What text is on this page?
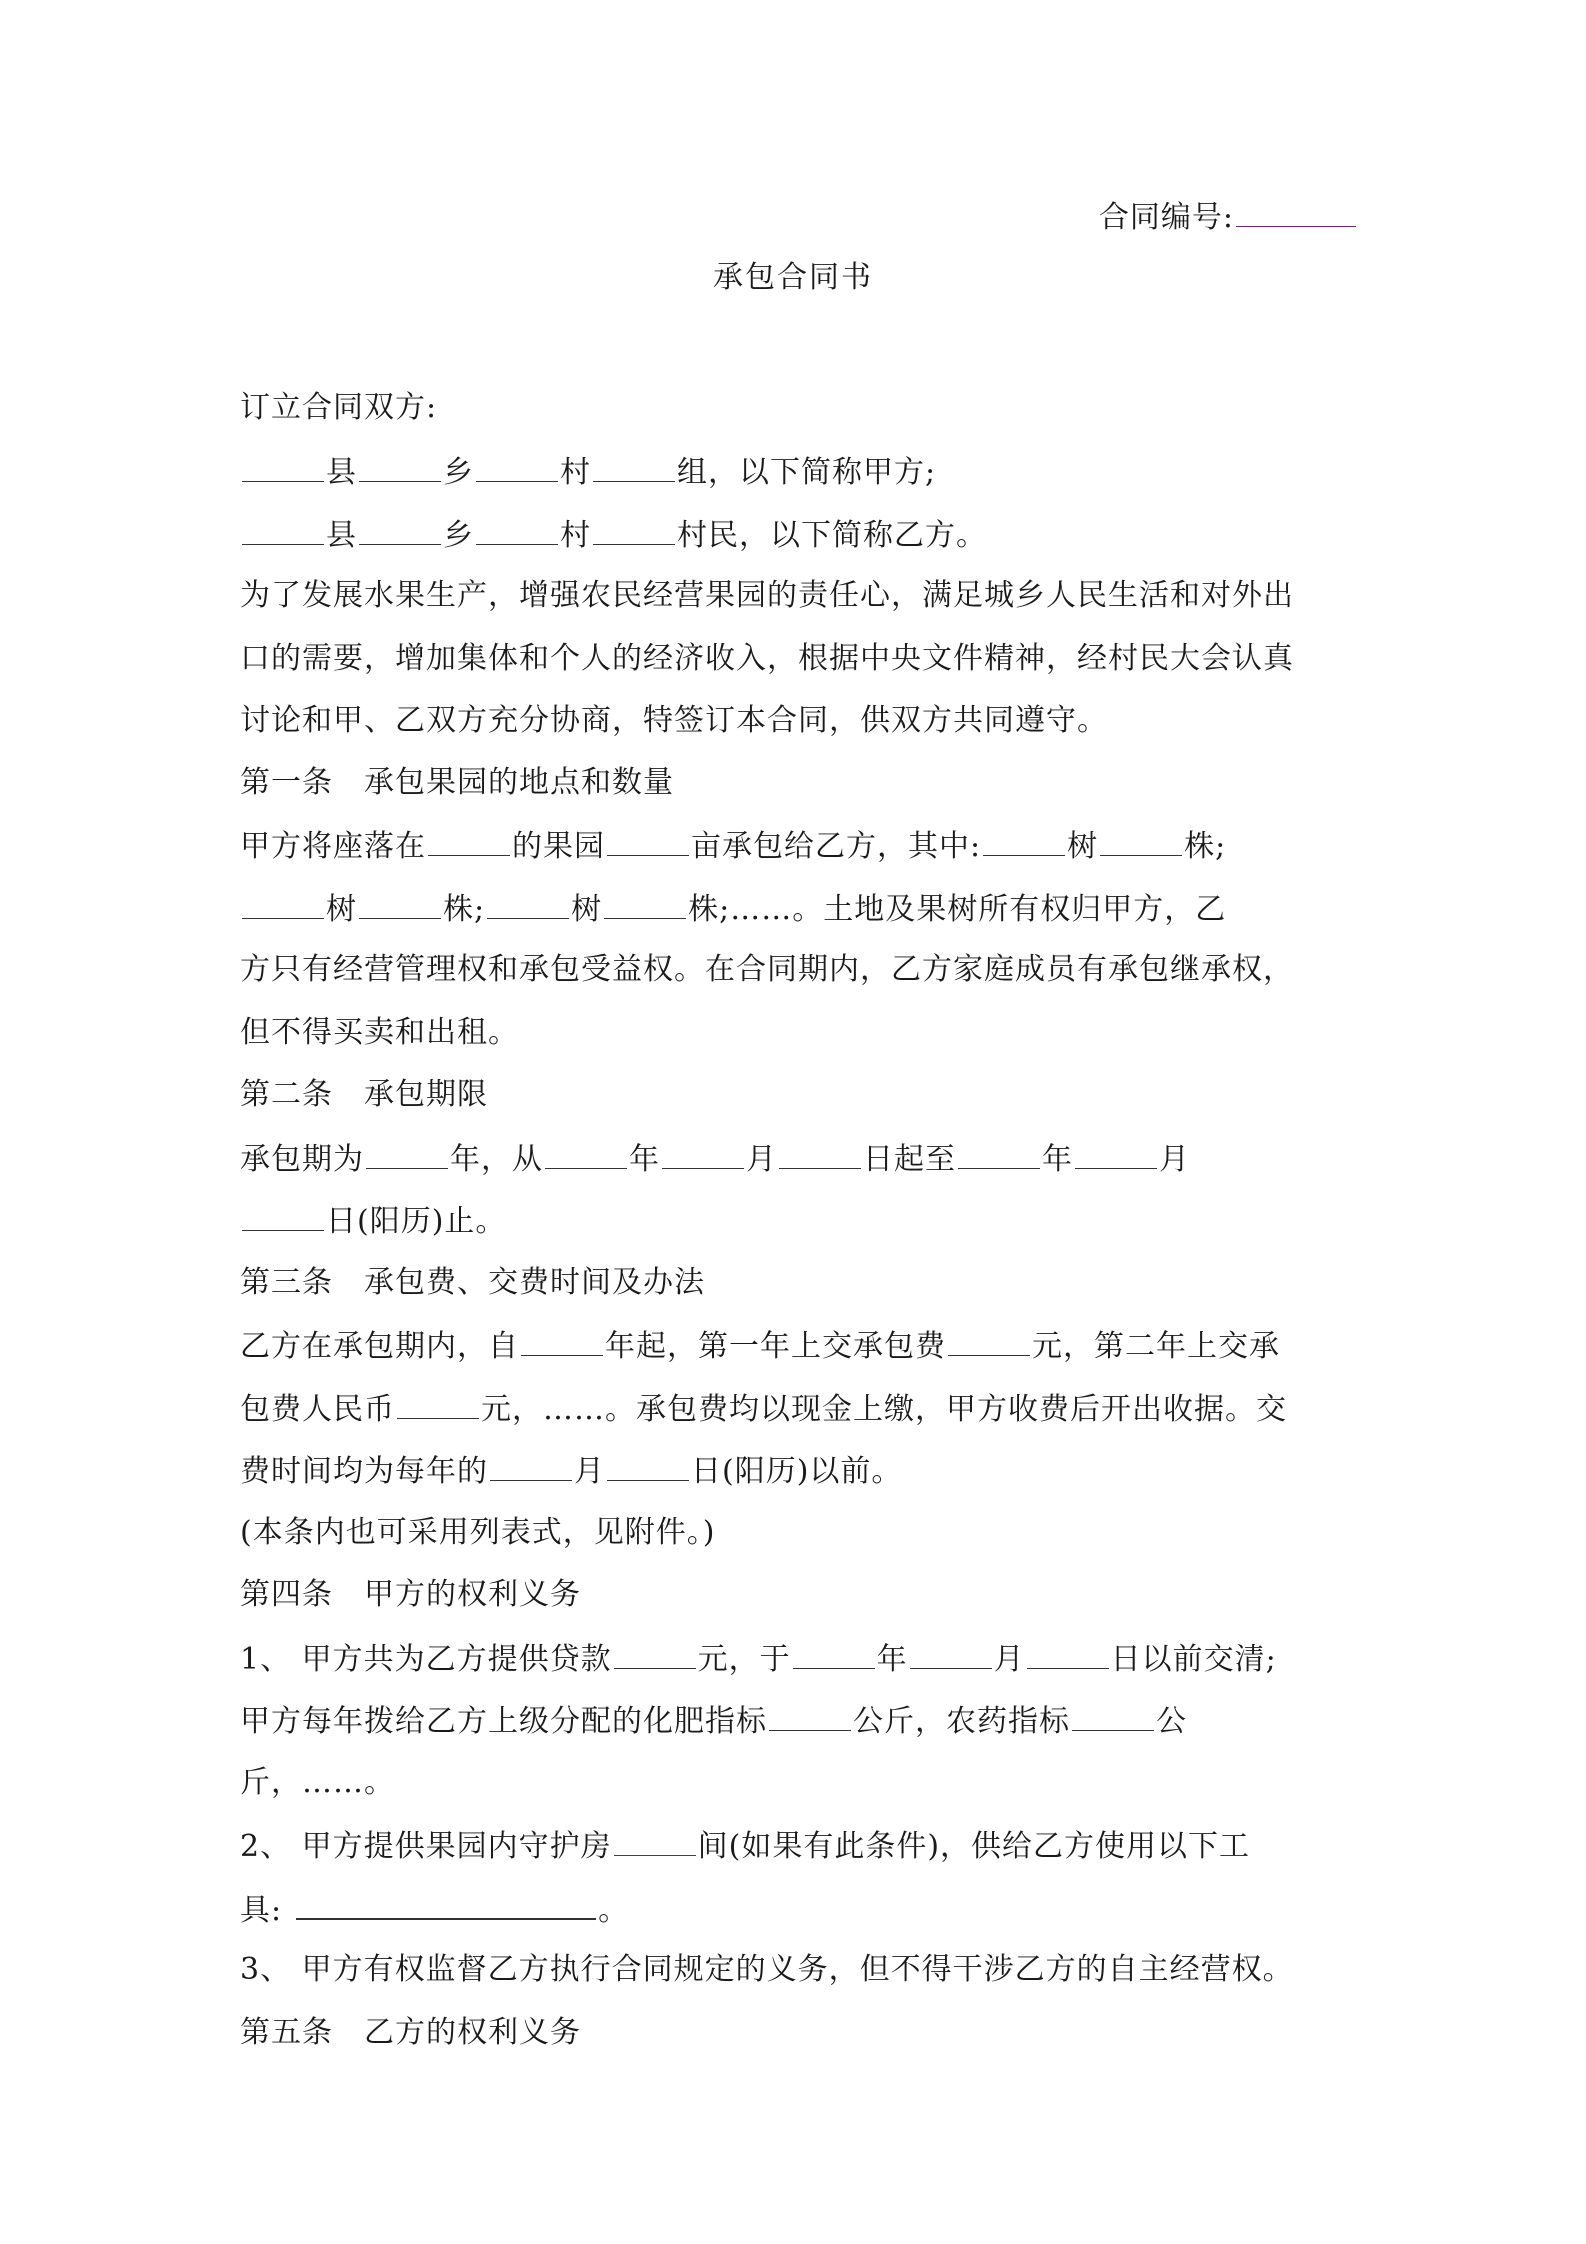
合同编号:
承包合同书
订立合同双方:
县	乡	村	组，以下简称甲方;
县	乡	村	村民，以下简称乙方。
为了发展水果生产，增强农民经营果园的责任心，满足城乡人民生活和对外出
口的需要，增加集体和个人的经济收入，根据中央文件精神，经村民大会认真
讨论和甲、乙双方充分协商，特签订本合同，供双方共同遵守。
第一条　承包果园的地点和数量
甲方将座落在	的果园	亩承包给乙方，其中:	树	株;
树	株;	树	株;……。土地及果树所有权归甲方，乙
方只有经营管理权和承包受益权。在合同期内，乙方家庭成员有承包继承权，
但不得买卖和出租。
第二条　承包期限
承包期为	年，从	年	月	日起至	年	月
日(阳历)止。
第三条　承包费、交费时间及办法
乙方在承包期内，自	年起，第一年上交承包费	元，第二年上交承
包费人民币	元，……。承包费均以现金上缴，甲方收费后开出收据。交
费时间均为每年的	月	日(阳历)以前。
(本条内也可采用列表式，见附件。)
第四条　甲方的权利义务
1、 甲方共为乙方提供贷款	元，于	年	月	日以前交清;
甲方每年拨给乙方上级分配的化肥指标	公斤，农药指标	公
斤，……。
2、 甲方提供果园内守护房	间(如果有此条件)，供给乙方使用以下工
具:	。
3、 甲方有权监督乙方执行合同规定的义务，但不得干涉乙方的自主经营权。
第五条　乙方的权利义务
